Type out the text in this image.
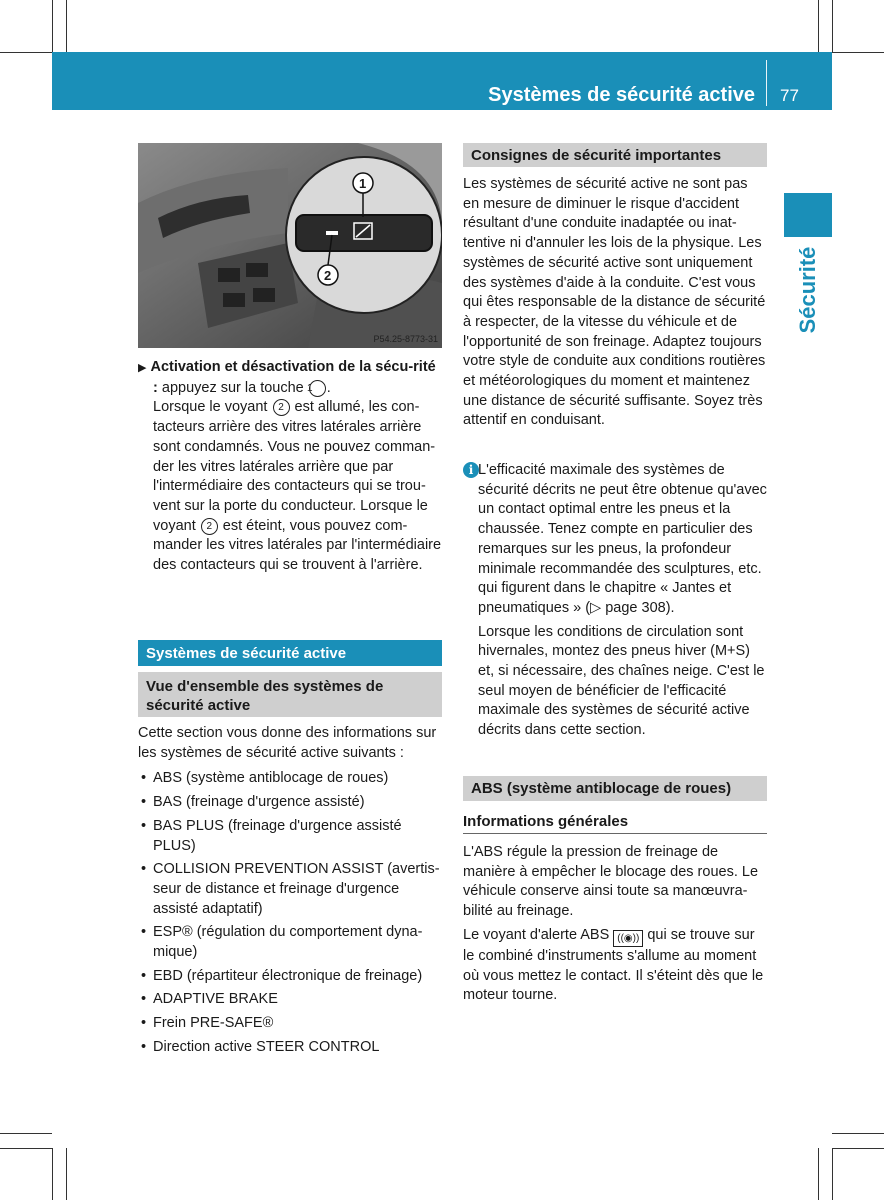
Systèmes de sécurité active 77
Sécurité
1
2
P54.25-8773-31

▶ Activation et désactivation de la sécu-rité : appuyez sur la touche 1 .

Lorsque le voyant 2 est allumé, les contacteurs arrière des vitres latérales arrière sont condamnés. Vous ne pouvez commander les vitres latérales arrière que par l'intermédiaire des contacteurs qui se trouvent sur la porte du conducteur. Lorsque le voyant 2 est éteint, vous pouvez commander les vitres latérales par l'intermédiaire des contacteurs qui se trouvent à l'arrière.

Systèmes de sécurité active
Vue d'ensemble des systèmes de sécurité active

Cette section vous donne des informations sur les systèmes de sécurité active suivants :

• ABS (système antiblocage de roues)
• BAS (freinage d'urgence assisté)
• BAS PLUS (freinage d'urgence assisté PLUS)
• COLLISION PREVENTION ASSIST (avertisseur de distance et freinage d'urgence assisté adaptatif)
• ESP® (régulation du comportement dynamique)
• EBD (répartiteur électronique de freinage)
• ADAPTIVE BRAKE
• Frein PRE-SAFE®
• Direction active STEER CONTROL
Consignes de sécurité importantes
Les systèmes de sécurité active ne sont pas en mesure de diminuer le risque d'accident résultant d'une conduite inadaptée ou inattentive ni d'annuler les lois de la physique. Les systèmes de sécurité active sont uniquement des systèmes d'aide à la conduite. C'est vous qui êtes responsable de la distance de sécurité à respecter, de la vitesse du véhicule et de l'opportunité de son freinage. Adaptez toujours votre style de conduite aux conditions routières et météorologiques du moment et maintenez une distance de sécurité suffisante. Soyez très attentif en conduisant.
i L'efficacité maximale des systèmes de sécurité décrits ne peut être obtenue qu'avec un contact optimal entre les pneus et la chaussée. Tenez compte en particulier des remarques sur les pneus, la profondeur minimale recommandée des sculptures, etc. qui figurent dans le chapitre « Jantes et pneumatiques » (▷ page 308).

Lorsque les conditions de circulation sont hivernales, montez des pneus hiver (M+S) et, si nécessaire, des chaînes neige. C'est le seul moyen de bénéficier de l'efficacité maximale des systèmes de sécurité active décrits dans cette section.

ABS (système antiblocage de roues)
Informations générales

L'ABS régule la pression de freinage de manière à empêcher le blocage des roues. Le véhicule conserve ainsi toute sa manœuvrabilité au freinage.

Le voyant d'alerte ABS ((◉)) qui se trouve sur le combiné d'instruments s'allume au moment où vous mettez le contact. Il s'éteint dès que le moteur tourne.
